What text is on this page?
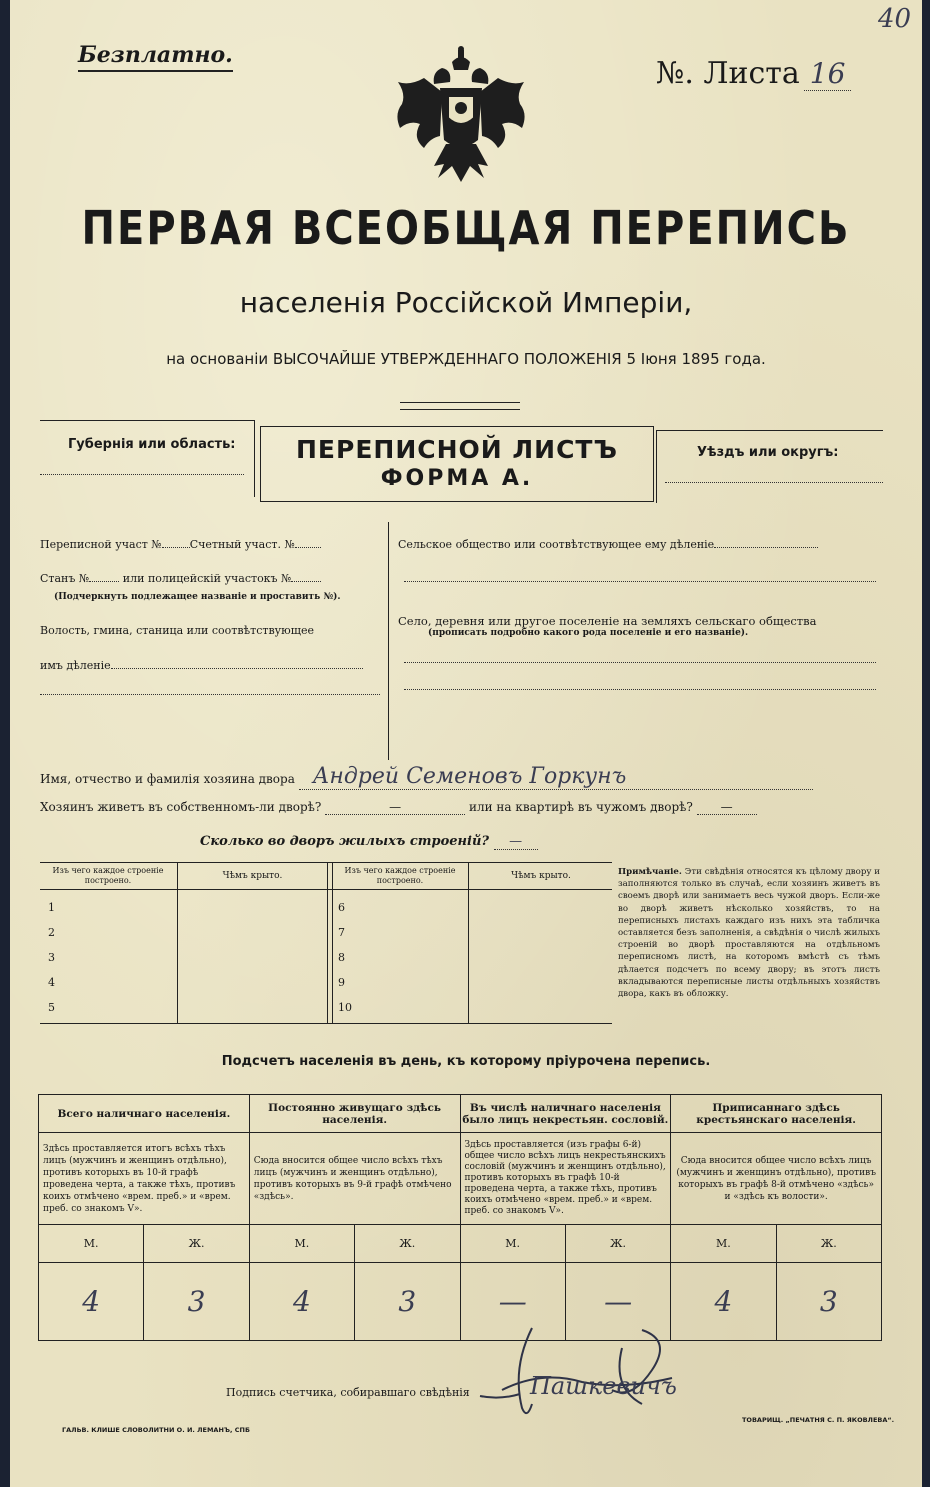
40
Безплатно.
№. Листа 16
ПЕРВАЯ ВСЕОБЩАЯ ПЕРЕПИСЬ
населенія Россійской Имперіи,
на основаніи ВЫСОЧАЙШЕ УТВЕРЖДЕННАГО ПОЛОЖЕНІЯ 5 Іюня 1895 года.
Губернія или область:	ПЕРЕПИСНОЙ ЛИСТЪ
ФОРМА А.
Уѣздъ или округъ:
Переписной участ №	Счетный участ. №
Станъ №	или полицейскій участокъ №
(Подчеркнуть подлежащее названіе и проставить №).
Волость, гмина, станица или соотвѣтствующее
имъ дѣленіе
Сельское общество или соотвѣтствующее ему дѣленіе
Село, деревня или другое поселеніе на земляхъ сельскаго общества
(прописать подробно какого рода поселеніе и его названіе).
Имя, отчество и фамилія хозяина двора Андрей Семеновъ Горкунъ
Хозяинъ живетъ въ собственномъ-ли дворѣ?	—	или на квартирѣ въ чужомъ дворѣ? —
Сколько во дворъ жилыхъ строеній? —
Изъ чего каждое строеніе построено.	Чѣмъ крыто.
Изъ чего каждое строеніе построено.	Чѣмъ крыто.
1
2
3
4
5
6
7
8
9
10
Примѣчаніе. Эти свѣдѣнія относятся къ цѣлому двору и заполняются только въ случаѣ, если хозяинъ живетъ въ своемъ дворѣ или занимаетъ весь чужой дворъ. Если-же во дворѣ живетъ нѣсколько хозяйствъ, то на переписныхъ листахъ каждаго изъ нихъ эта табличка оставляется безъ заполненія, а свѣдѣнія о числѣ жилыхъ строеній во дворѣ проставляются на отдѣльномъ переписномъ листѣ, на которомъ вмѣстѣ съ тѣмъ дѣлается подсчетъ по всему двору; въ этотъ листъ вкладываются переписные листы отдѣльныхъ хозяйствъ двора, какъ въ обложку.
Подсчетъ населенія въ день, къ которому пріурочена перепись.
Всего наличнаго населенія.		Постоянно живущаго здѣсь населенія.		Въ числѣ наличнаго населенія было лицъ некрестьян. сословій.		Приписаннаго здѣсь крестьянскаго населенія.	
Здѣсь проставляется итогъ всѣхъ тѣхъ лицъ (мужчинъ и женщинъ отдѣльно), противъ которыхъ въ 10-й графѣ проведена черта, а также тѣхъ, противъ коихъ отмѣчено «врем. преб.» и «врем. преб. со знакомъ V».		Сюда вносится общее число всѣхъ тѣхъ лицъ (мужчинъ и женщинъ отдѣльно), противъ которыхъ въ 9-й графѣ отмѣчено «здѣсь».		Здѣсь проставляется (изъ графы 6-й) общее число всѣхъ лицъ некрестьянскихъ сословій (мужчинъ и женщинъ отдѣльно), противъ которыхъ въ графѣ 10-й проведена черта, а также тѣхъ, противъ коихъ отмѣчено «врем. преб.» и «врем. преб. со знакомъ V».		Сюда вносится общее число всѣхъ лицъ (мужчинъ и женщинъ отдѣльно), противъ которыхъ въ графѣ 8-й отмѣчено «здѣсь» и «здѣсь къ волости».	
М.	Ж.	М.	Ж.	М.	Ж.	М.	Ж.
4	3	4	3	—	—	4	3
Подпись счетчика, собиравшаго свѣдѣнія	Пашкевичъ
ГАЛЬВ. КЛИШЕ СЛОВОЛИТНИ О. И. ЛЕМАНЪ, СПБ
ТОВАРИЩ. „ПЕЧАТНЯ С. П. ЯКОВЛЕВА“.
